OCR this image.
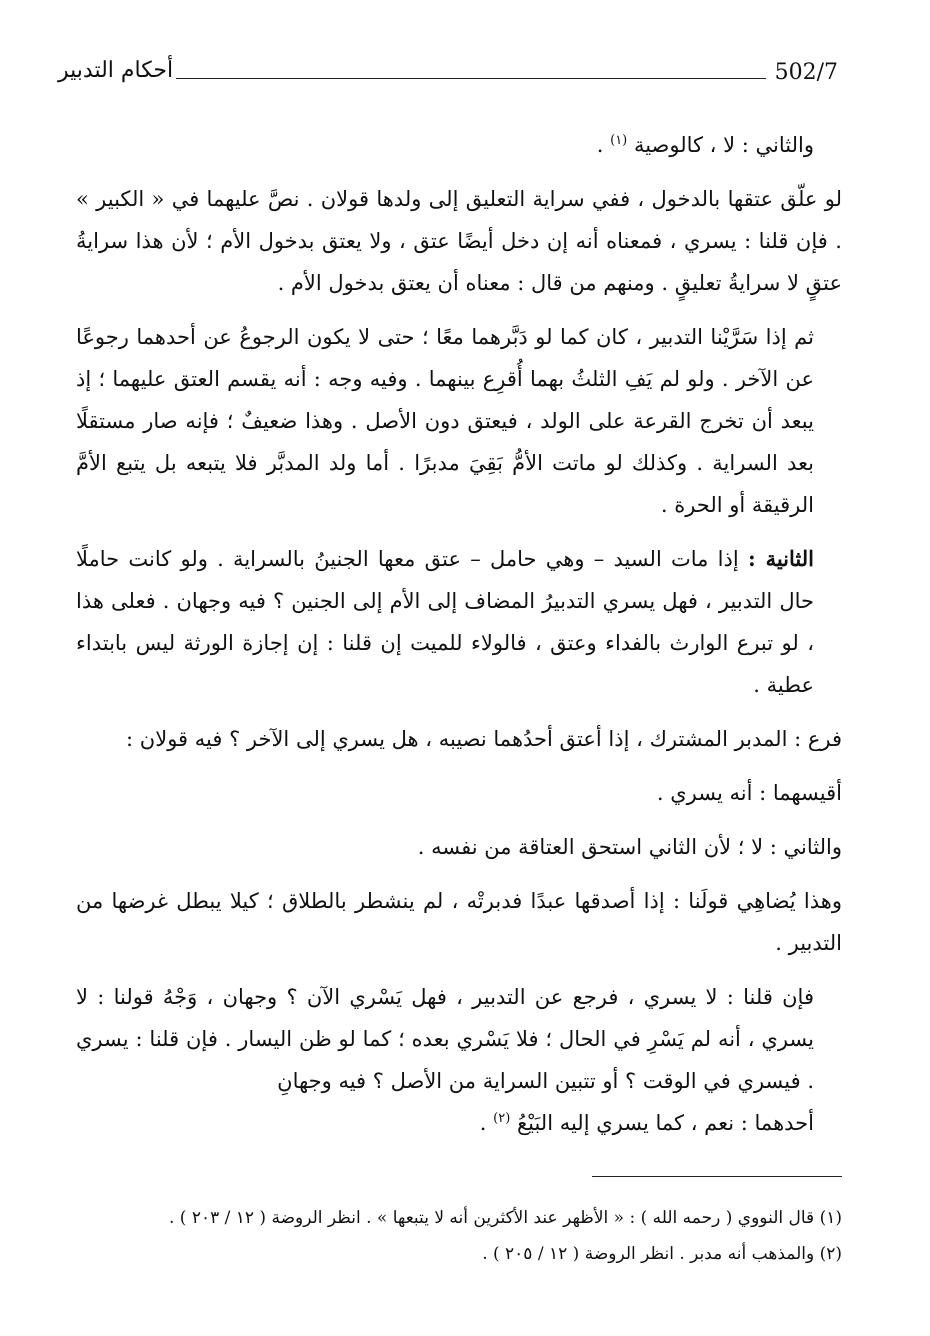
502/7
أحكام التدبير

والثاني : لا ، كالوصية $^{(١)}$ .

لو علّق عتقها بالدخول ، ففي سراية التعليق إلى ولدها قولان . نصَّ عليهما في « الكبير » . فإن قلنا : يسري ، فمعناه أنه إن دخل أيضًا عتق ، ولا يعتق بدخول الأم ؛ لأن هذا سرايةُ عتقٍ لا سرايةُ تعليقٍ . ومنهم من قال : معناه أن يعتق بدخول الأم .

ثم إذا سَرَّيْنا التدبير ، كان كما لو دَبَّرهما معًا ؛ حتى لا يكون الرجوعُ عن أحدهما رجوعًا عن الآخر . ولو لم يَفِ الثلثُ بهما أُقرِع بينهما . وفيه وجه : أنه يقسم العتق عليهما ؛ إذ يبعد أن تخرج القرعة على الولد ، فيعتق دون الأصل . وهذا ضعيفٌ ؛ فإنه صار مستقلًا بعد السراية . وكذلك لو ماتت الأمُّ بَقِيَ مدبرًا . أما ولد المدبَّر فلا يتبعه بل يتبع الأمَّ الرقيقة أو الحرة .

الثانية : إذا مات السيد – وهي حامل – عتق معها الجنينُ بالسراية . ولو كانت حاملًا حال التدبير ، فهل يسري التدبيرُ المضاف إلى الأم إلى الجنين ؟ فيه وجهان . فعلى هذا ، لو تبرع الوارث بالفداء وعتق ، فالولاء للميت إن قلنا : إن إجازة الورثة ليس بابتداء عطية .

فرع : المدبر المشترك ، إذا أعتق أحدُهما نصيبه ، هل يسري إلى الآخر ؟ فيه قولان :

أقيسهما : أنه يسري .

والثاني : لا ؛ لأن الثاني استحق العتاقة من نفسه .

وهذا يُضاهِي قولَنا : إذا أصدقها عبدًا فدبرتْه ، لم ينشطر بالطلاق ؛ كيلا يبطل غرضها من التدبير .

فإن قلنا : لا يسري ، فرجع عن التدبير ، فهل يَسْري الآن ؟ وجهان ، وَجْهُ قولنا : لا يسري ، أنه لم يَسْرِ في الحال ؛ فلا يَسْري بعده ؛ كما لو ظن اليسار . فإن قلنا : يسري . فيسري في الوقت ؟ أو تتبين السراية من الأصل ؟ فيه وجهانِ

أحدهما : نعم ، كما يسري إليه البَيْعُ $^{(٢)}$ .

(١) قال النووي ( رحمه الله ) : « الأظهر عند الأكثرين أنه لا يتبعها » . انظر الروضة ( ١٢ / ٢٠٣ ) .

(٢) والمذهب أنه مدبر . انظر الروضة ( ١٢ / ٢٠٥ ) .
